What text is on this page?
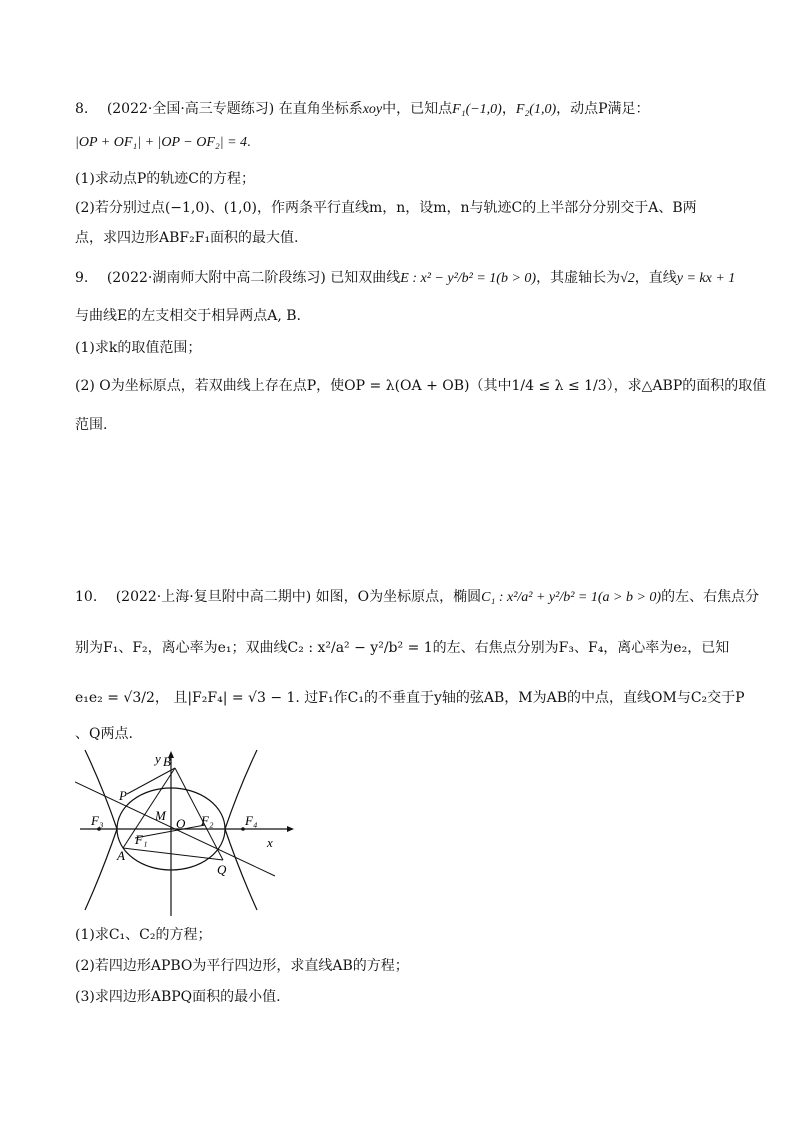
8. (2022·全国·高三专题练习) 在直角坐标系xoy中，已知点F₁(−1,0)，F₂(1,0)，动点P满足：
|OP + OF₁| + |OP − OF₂| = 4.
(1)求动点P的轨迹C的方程；
(2)若分别过点(−1,0)、(1,0)，作两条平行直线m，n，设m，n与轨迹C的上半部分分别交于A、B两
点，求四边形ABF₂F₁面积的最大值.
9. (2022·湖南师大附中高二阶段练习) 已知双曲线E : x² − y²/b² = 1(b > 0)，其虚轴长为√2，直线y = kx + 1
与曲线E的左支相交于相异两点A, B.
(1)求k的取值范围；
(2) O为坐标原点，若双曲线上存在点P，使OP = λ(OA + OB)（其中1/4 ≤ λ ≤ 1/3），求△ABP的面积的取值
范围.
10. (2022·上海·复旦附中高二期中) 如图，O为坐标原点，椭圆C₁ : x²/a² + y²/b² = 1(a > b > 0)的左、右焦点分
别为F₁、F₂，离心率为e₁；双曲线C₂ : x²/a² − y²/b² = 1的左、右焦点分别为F₃、F₄，离心率为e₂，已知
e₁e₂ = √3/2， 且|F₂F₄| = √3 − 1. 过F₁作C₁的不垂直于y轴的弦AB，M为AB的中点，直线OM与C₂交于P
、Q两点.
y
x
B
P
M
O F₂ F₄
F₃
F₁
A
Q
(1)求C₁、C₂的方程；
(2)若四边形APBO为平行四边形，求直线AB的方程；
(3)求四边形ABPQ面积的最小值.
